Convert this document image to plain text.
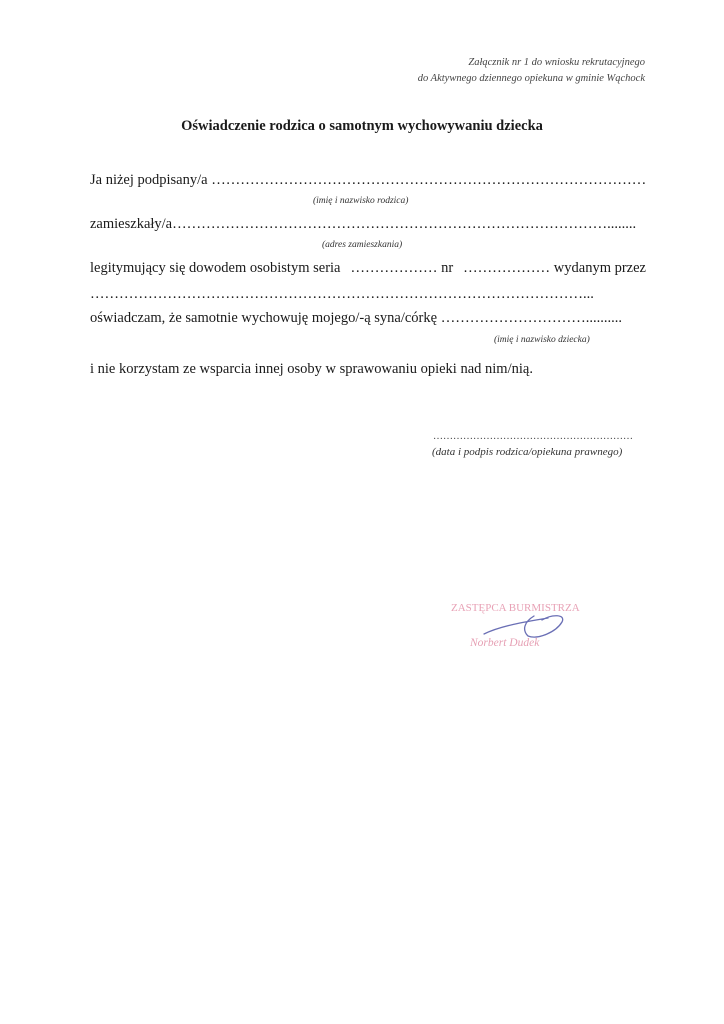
Załącznik nr 1 do wniosku rekrutacyjnego
do Aktywnego dziennego opiekuna w gminie Wąchock
Oświadczenie rodzica o samotnym wychowywaniu dziecka
Ja niżej podpisany/a ………………………………………………………………………………
(imię i nazwisko rodzica)
zamieszkały/a………………………………………………………………………………........
(adres zamieszkania)
legitymujący się dowodem osobistym seria ……………… nr ……………… wydanym przez
…………………………………………………………………………………………...
oświadczam, że samotnie wychowuję mojego/-ą syna/córkę …………………………..........
(imię i nazwisko dziecka)
i nie korzystam ze wsparcia innej osoby w sprawowaniu opieki nad nim/nią.
……………………………………………………
(data i podpis rodzica/opiekuna prawnego)
ZASTĘPCA BURMISTRZA
Norbert Dudek
